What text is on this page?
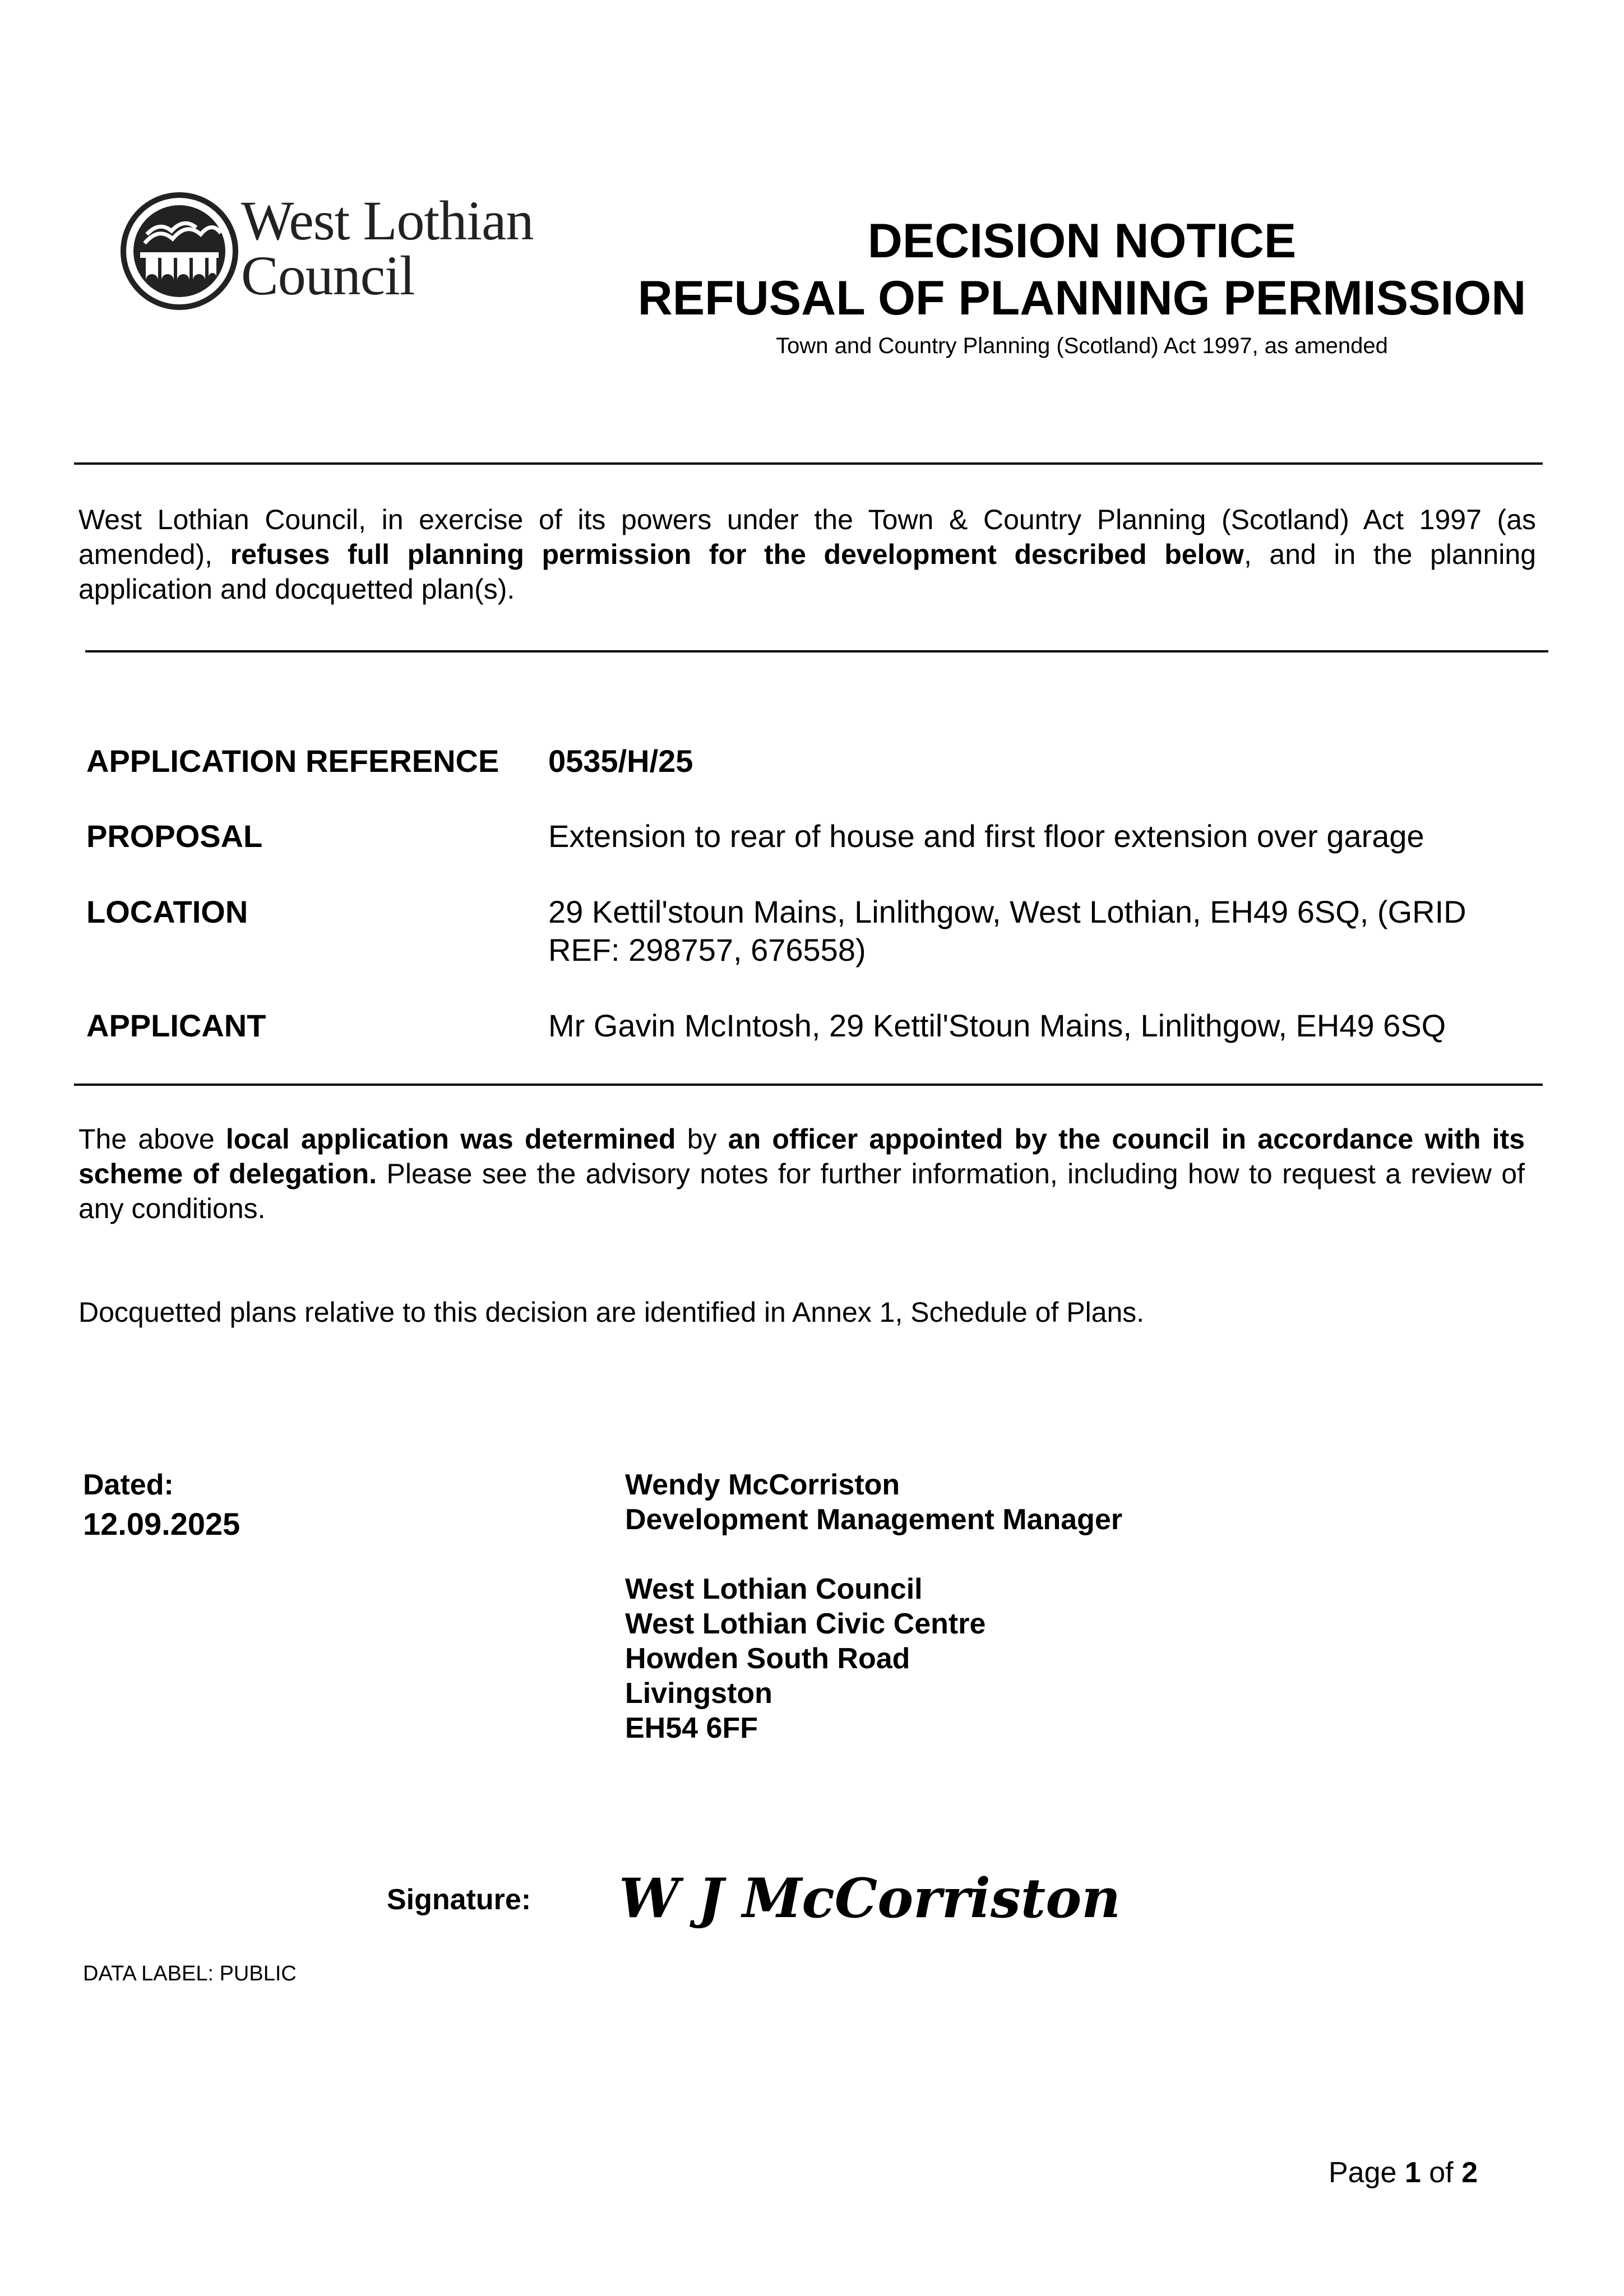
West Lothian
Council
DECISION NOTICE
REFUSAL OF PLANNING PERMISSION
Town and Country Planning (Scotland) Act 1997, as amended
West Lothian Council, in exercise of its powers under the Town & Country Planning (Scotland) Act 1997 (as amended), refuses full planning permission for the development described below, and in the planning application and docquetted plan(s).
APPLICATION REFERENCE 0535/H/25
PROPOSAL	Extension to rear of house and first floor extension over garage
LOCATION	29 Kettil'stoun Mains, Linlithgow, West Lothian, EH49 6SQ, (GRID REF: 298757, 676558)
APPLICANT	Mr Gavin McIntosh, 29 Kettil'Stoun Mains, Linlithgow, EH49 6SQ
The above local application was determined by an officer appointed by the council in accordance with its scheme of delegation. Please see the advisory notes for further information, including how to request a review of any conditions.
Docquetted plans relative to this decision are identified in Annex 1, Schedule of Plans.
Dated:
12.09.2025
Wendy McCorriston
Development Management Manager
West Lothian Council
West Lothian Civic Centre
Howden South Road
Livingston
EH54 6FF
Signature: W J McCorriston
DATA LABEL: PUBLIC
Page 1 of 2
